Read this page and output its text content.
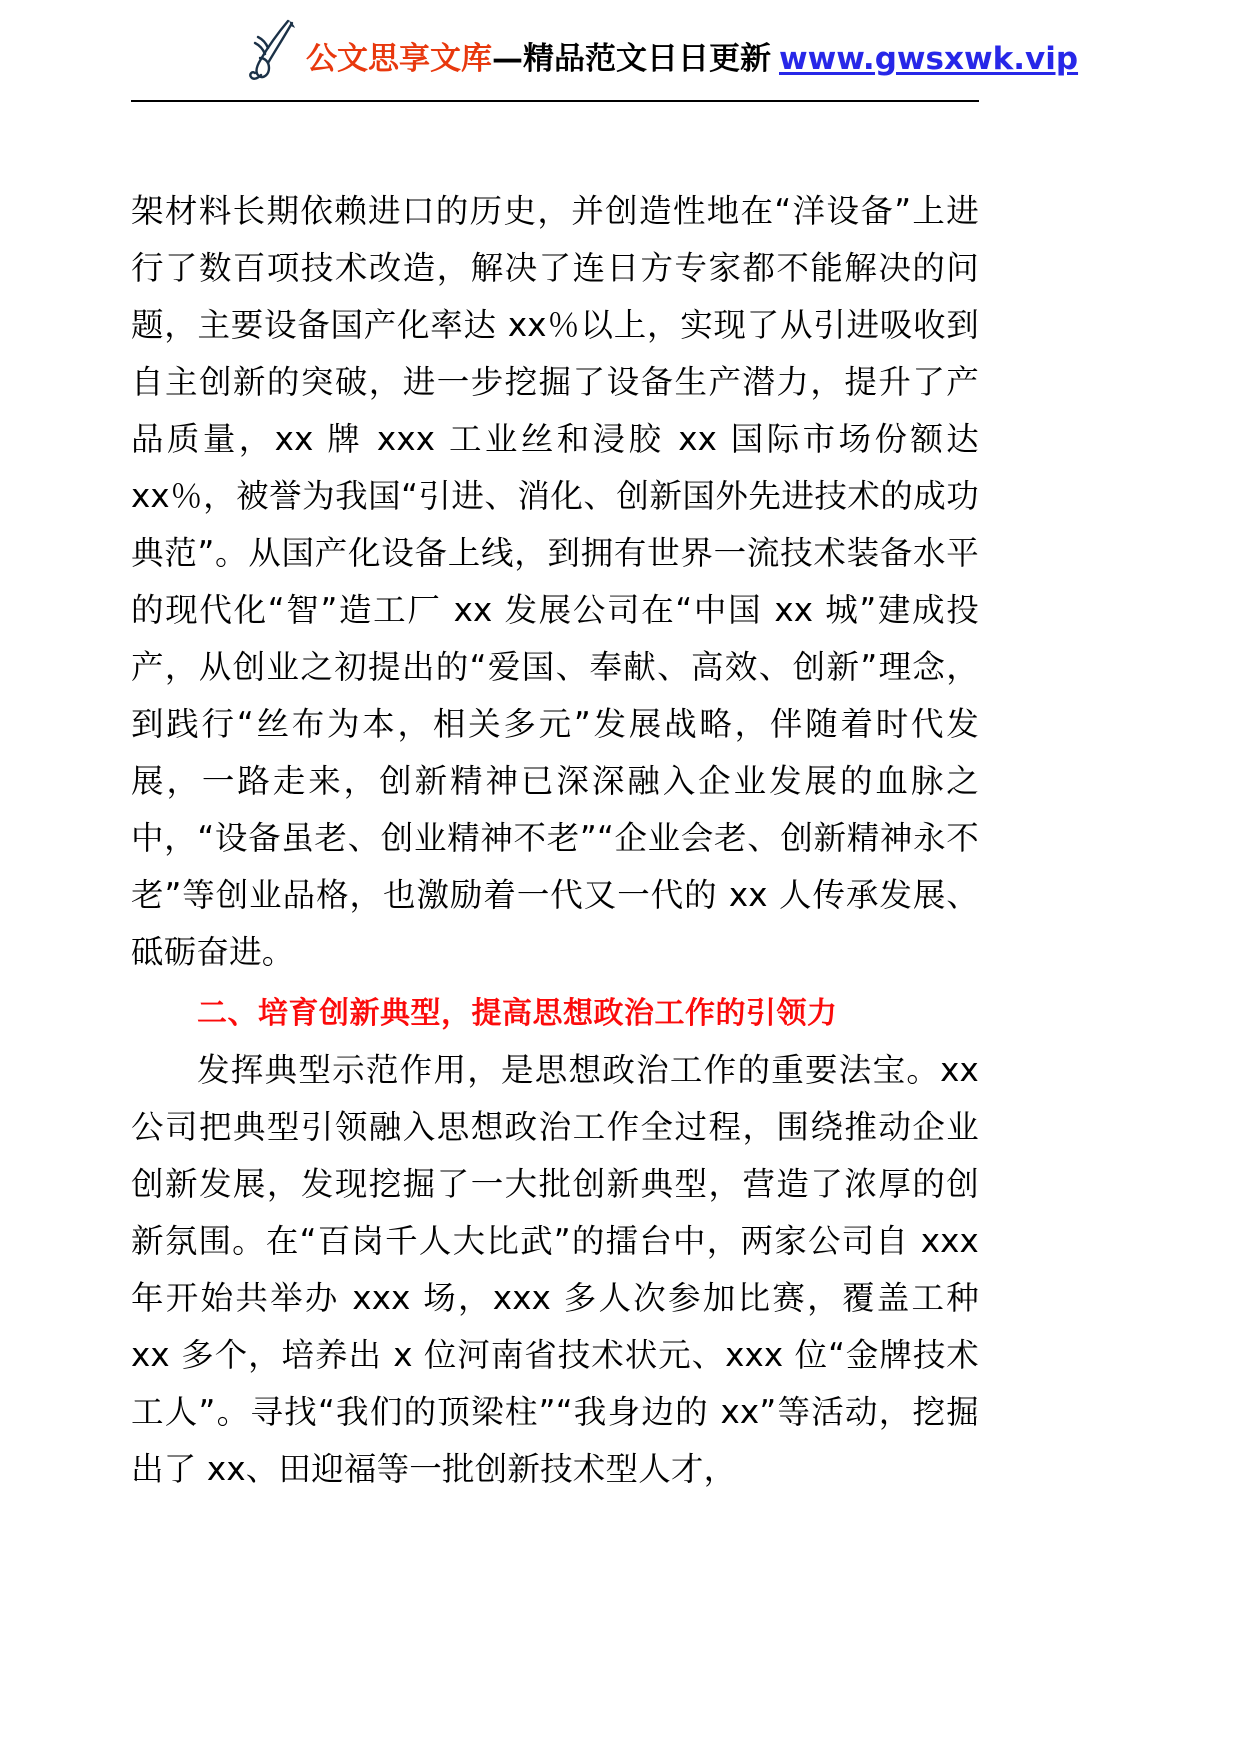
公文思享文库—精品范文日日更新 www.gwsxwk.vip

架材料长期依赖进口的历史，并创造性地在“洋设备”上进行了数百项技术改造，解决了连日方专家都不能解决的问题，主要设备国产化率达 xx％以上，实现了从引进吸收到自主创新的突破，进一步挖掘了设备生产潜力，提升了产品质量，xx 牌 xxx 工业丝和浸胶 xx 国际市场份额达 xx％，被誉为我国“引进、消化、创新国外先进技术的成功典范”。从国产化设备上线，到拥有世界一流技术装备水平的现代化“智”造工厂 xx 发展公司在“中国 xx 城”建成投产，从创业之初提出的“爱国、奉献、高效、创新”理念，到践行“丝布为本，相关多元”发展战略，伴随着时代发展，一路走来，创新精神已深深融入企业发展的血脉之中，“设备虽老、创业精神不老”“企业会老、创新精神永不老”等创业品格，也激励着一代又一代的 xx 人传承发展、砥砺奋进。

二、培育创新典型，提高思想政治工作的引领力

发挥典型示范作用，是思想政治工作的重要法宝。xx 公司把典型引领融入思想政治工作全过程，围绕推动企业创新发展，发现挖掘了一大批创新典型，营造了浓厚的创新氛围。在“百岗千人大比武”的擂台中，两家公司自 xxx 年开始共举办 xxx 场，xxx 多人次参加比赛，覆盖工种 xx 多个，培养出 x 位河南省技术状元、xxx 位“金牌技术工人”。寻找“我们的顶梁柱”“我身边的 xx”等活动，挖掘出了 xx、田迎福等一批创新技术型人才，
